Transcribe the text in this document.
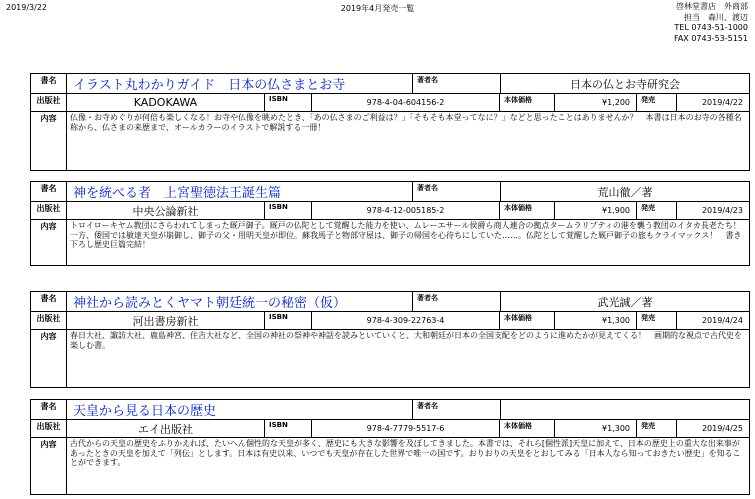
2019/3/22	2019年4月発売一覧	啓林堂書店　外商部
担当　森川、渡辺
TEL 0743-51-1000
FAX 0743-53-5151
書名	イラスト丸わかりガイド　日本の仏さまとお寺	著者名	日本の仏とお寺研究会
出版社	KADOKAWA	ISBN	978-4-04-604156-2	本体価格	¥1,200	発売	2019/4/22
内容	仏像・お寺めぐりが何倍も楽しくなる！お寺や仏像を眺めたとき、「あの仏さまのご利益は？」「そもそも本堂ってなに？」などと思ったことはありませんか？　本書は日本のお寺の各種名称から、仏さまの来歴まで、オールカラーのイラストで解説する一冊！
書名	神を統べる者　上宮聖徳法王誕生篇	著者名	荒山徹／著
出版社	中央公論新社	ISBN	978-4-12-005185-2	本体価格	¥1,900	発売	2019/4/23
内容	トロイローキヤム教団にさらわれてしまった厩戸御子。厩戸の仏陀として覚醒した能力を使い、ムレーエサール侯爵ら商人連合の拠点タームラリプティの港を襲う教団のイタカ長老たち！一方、倭国では敏達天皇が崩御し、御子の父・用明天皇が即位。蘇我馬子と物部守屋は、御子の帰国を心待ちにしていた……。仏陀として覚醒した厩戸御子の旅もクライマックス！　書き下ろし歴史巨篇完結！
書名	神社から読みとくヤマト朝廷統一の秘密（仮）	著者名	武光誠／著
出版社	河出書房新社	ISBN	978-4-309-22763-4	本体価格	¥1,300	発売	2019/4/24
内容	春日大社、諏訪大社、鹿島神宮、住吉大社など、全国の神社の祭神や神話を読みといていくと、大和朝廷が日本の全国支配をどのように進めたかが見えてくる！　画期的な視点で古代史を楽しむ書。
書名	天皇から見る日本の歴史	著者名
出版社	エイ出版社	ISBN	978-4-7779-5517-6	本体価格	¥1,300	発売	2019/4/25
内容	古代からの天皇の歴史をふりかえれば、たいへん個性的な天皇が多く、歴史にも大きな影響を及ぼしてきました。本書では、それら[個性派]天皇に加えて、日本の歴史上の重大な出来事があったときの天皇を加えて「列伝」とします。日本は有史以来、いつでも天皇が存在した世界で唯一の国です。おりおりの天皇をとおしてみる「日本人なら知っておきたい歴史」を知ることができます。
